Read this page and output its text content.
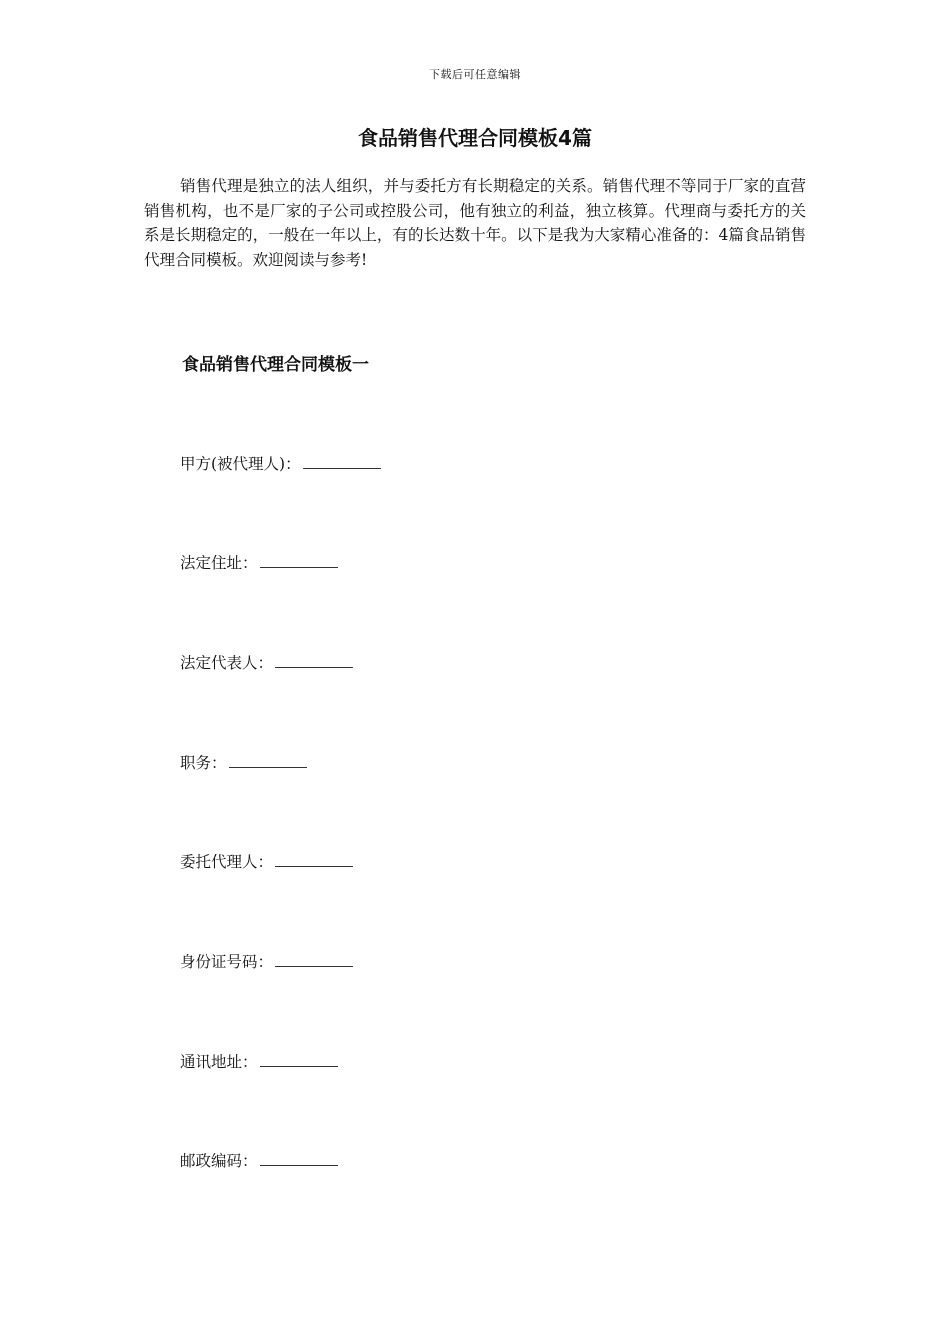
下载后可任意编辑
食品销售代理合同模板4篇

销售代理是独立的法人组织，并与委托方有长期稳定的关系。销售代理不等同于厂家的直营销售机构，也不是厂家的子公司或控股公司，他有独立的利益，独立核算。代理商与委托方的关系是长期稳定的，一般在一年以上，有的长达数十年。以下是我为大家精心准备的：4篇食品销售代理合同模板。欢迎阅读与参考!

食品销售代理合同模板一
甲方(被代理人)：
法定住址：
法定代表人：
职务：
委托代理人：
身份证号码：
通讯地址：
邮政编码：
